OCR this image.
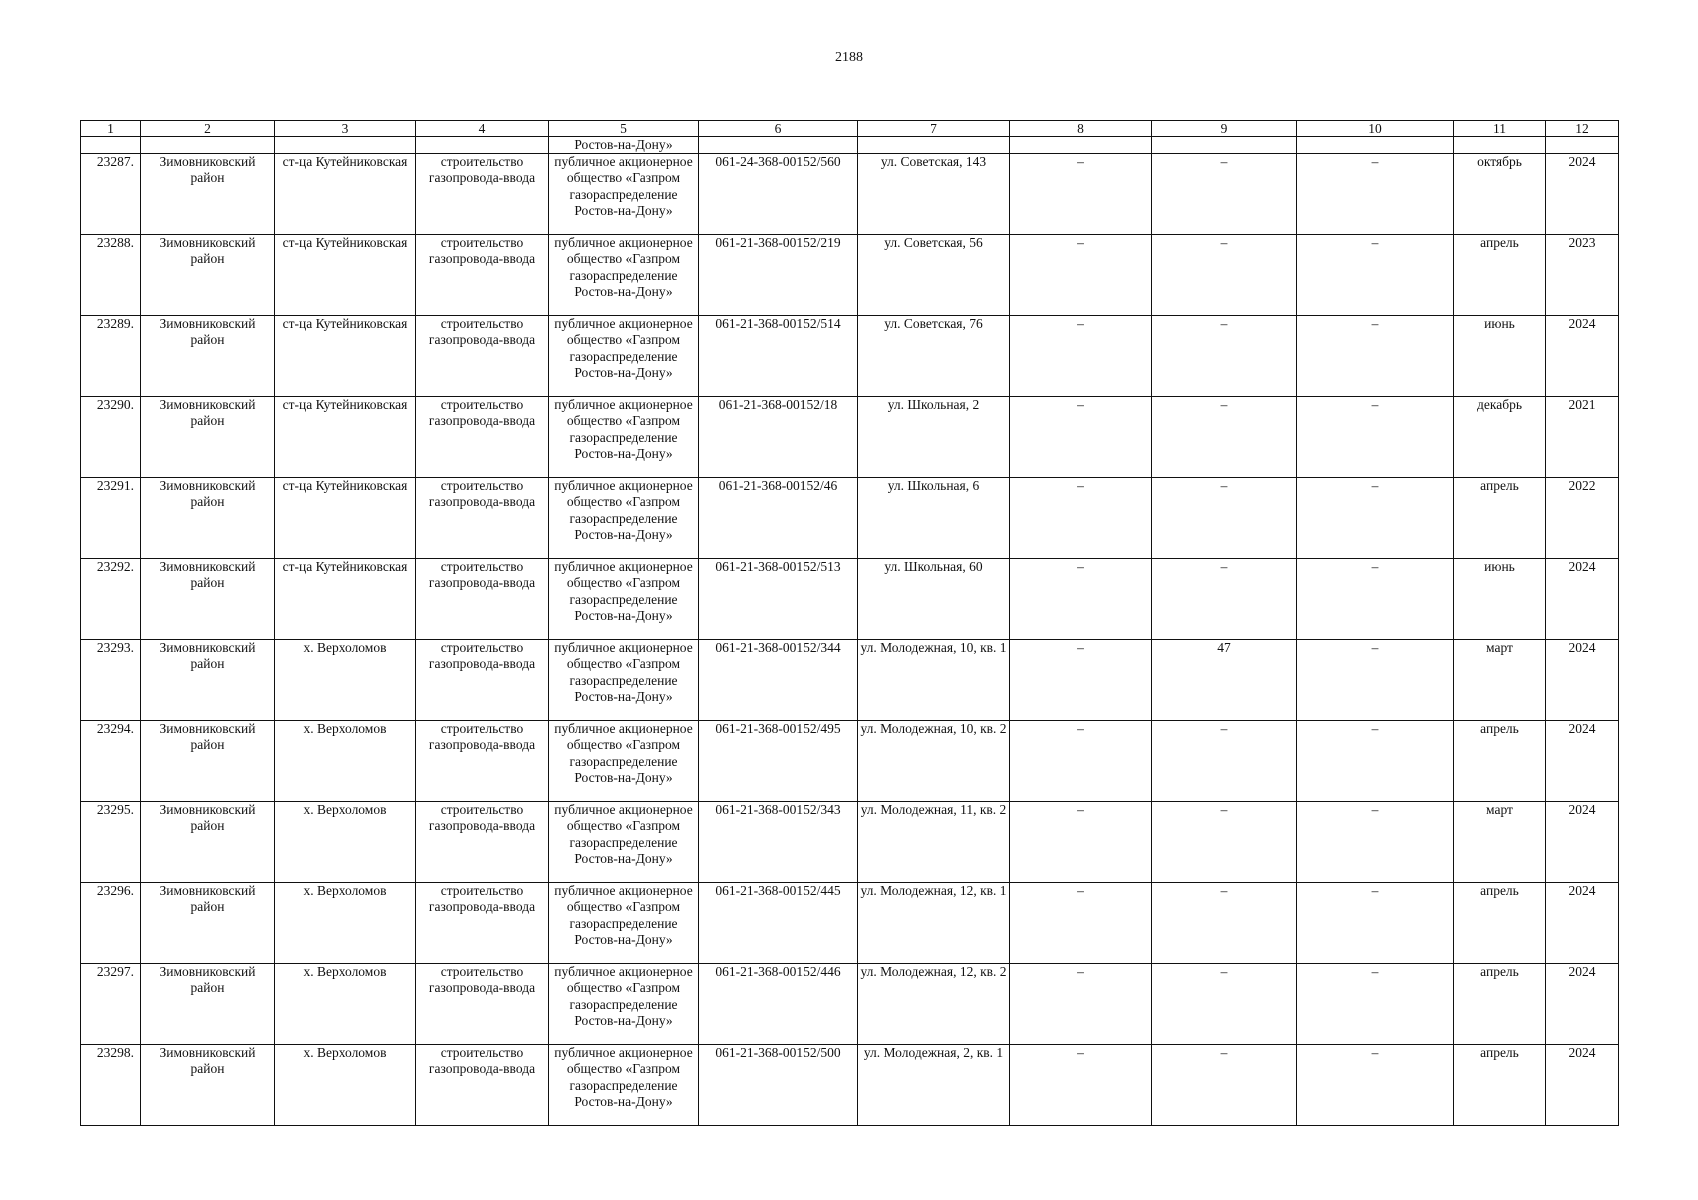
2188
1	2	3	4	5	6	7	8	9	10	11	12
				Ростов-на-Дону»							
23287.	Зимовниковский район	ст-ца Кутейниковская	строительство газопровода-ввода	публичное акционерное общество «Газпром газораспределение Ростов-на-Дону»	061-24-368-00152/560	ул. Советская, 143	–	–	–	октябрь	2024
23288.	Зимовниковский район	ст-ца Кутейниковская	строительство газопровода-ввода	публичное акционерное общество «Газпром газораспределение Ростов-на-Дону»	061-21-368-00152/219	ул. Советская, 56	–	–	–	апрель	2023
23289.	Зимовниковский район	ст-ца Кутейниковская	строительство газопровода-ввода	публичное акционерное общество «Газпром газораспределение Ростов-на-Дону»	061-21-368-00152/514	ул. Советская, 76	–	–	–	июнь	2024
23290.	Зимовниковский район	ст-ца Кутейниковская	строительство газопровода-ввода	публичное акционерное общество «Газпром газораспределение Ростов-на-Дону»	061-21-368-00152/18	ул. Школьная, 2	–	–	–	декабрь	2021
23291.	Зимовниковский район	ст-ца Кутейниковская	строительство газопровода-ввода	публичное акционерное общество «Газпром газораспределение Ростов-на-Дону»	061-21-368-00152/46	ул. Школьная, 6	–	–	–	апрель	2022
23292.	Зимовниковский район	ст-ца Кутейниковская	строительство газопровода-ввода	публичное акционерное общество «Газпром газораспределение Ростов-на-Дону»	061-21-368-00152/513	ул. Школьная, 60	–	–	–	июнь	2024
23293.	Зимовниковский район	х. Верхоломов	строительство газопровода-ввода	публичное акционерное общество «Газпром газораспределение Ростов-на-Дону»	061-21-368-00152/344	ул. Молодежная, 10, кв. 1	–	47	–	март	2024
23294.	Зимовниковский район	х. Верхоломов	строительство газопровода-ввода	публичное акционерное общество «Газпром газораспределение Ростов-на-Дону»	061-21-368-00152/495	ул. Молодежная, 10, кв. 2	–	–	–	апрель	2024
23295.	Зимовниковский район	х. Верхоломов	строительство газопровода-ввода	публичное акционерное общество «Газпром газораспределение Ростов-на-Дону»	061-21-368-00152/343	ул. Молодежная, 11, кв. 2	–	–	–	март	2024
23296.	Зимовниковский район	х. Верхоломов	строительство газопровода-ввода	публичное акционерное общество «Газпром газораспределение Ростов-на-Дону»	061-21-368-00152/445	ул. Молодежная, 12, кв. 1	–	–	–	апрель	2024
23297.	Зимовниковский район	х. Верхоломов	строительство газопровода-ввода	публичное акционерное общество «Газпром газораспределение Ростов-на-Дону»	061-21-368-00152/446	ул. Молодежная, 12, кв. 2	–	–	–	апрель	2024
23298.	Зимовниковский район	х. Верхоломов	строительство газопровода-ввода	публичное акционерное общество «Газпром газораспределение Ростов-на-Дону»	061-21-368-00152/500	ул. Молодежная, 2, кв. 1	–	–	–	апрель	2024
